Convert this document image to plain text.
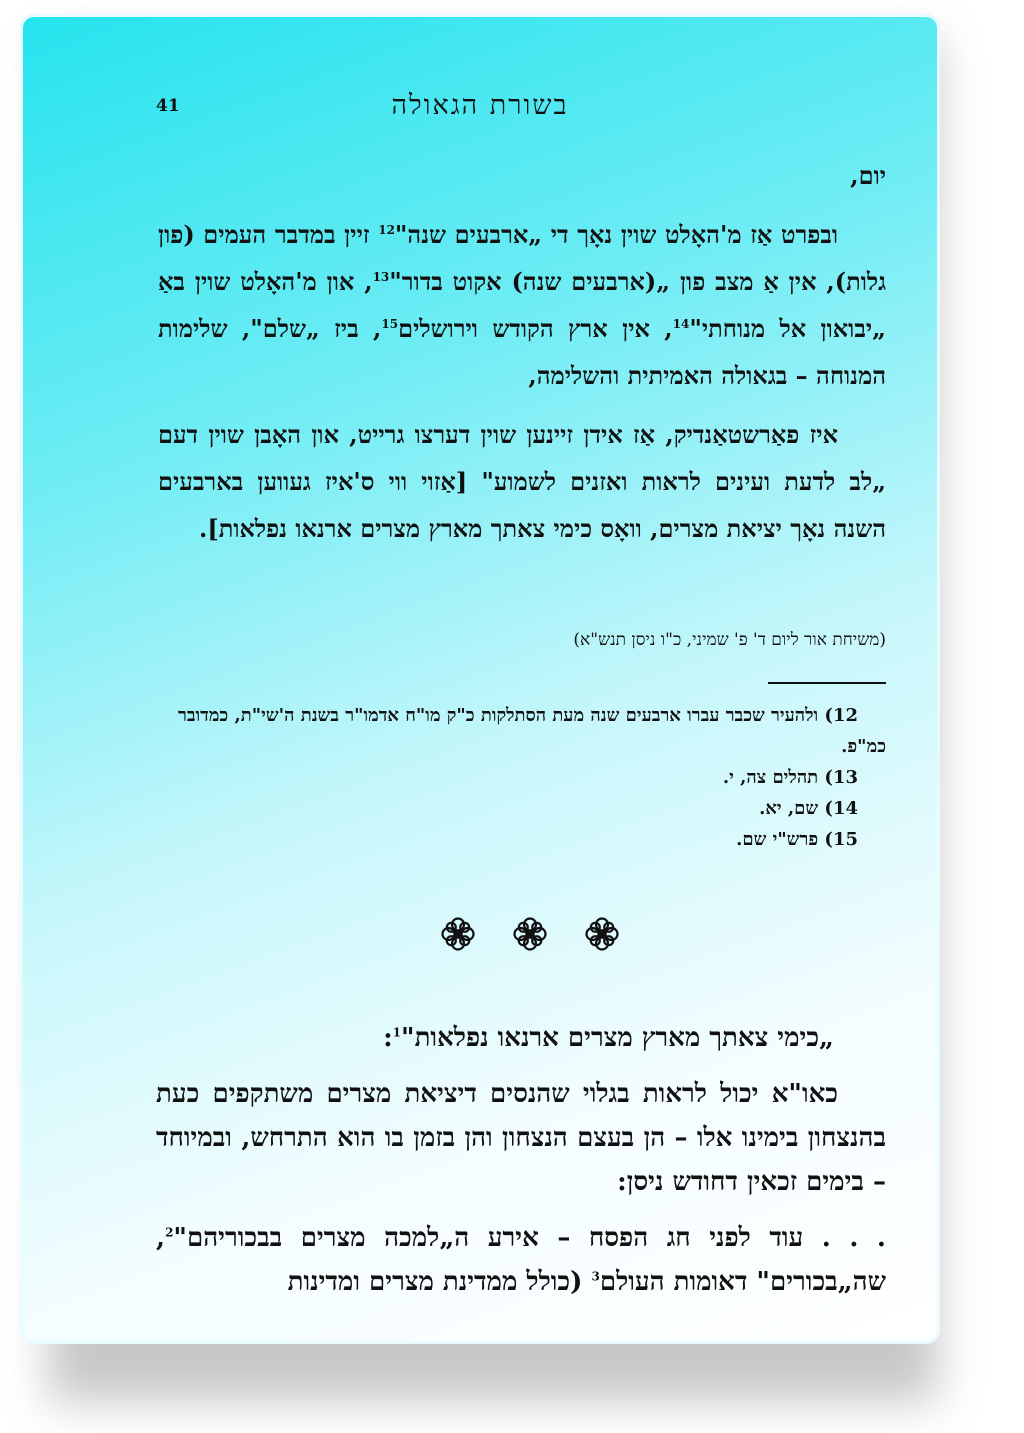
בשורת הגאולה
41

יום,

ובפרט אַז מ'האָלט שוין נאָך די „ארבעים שנה"$^{12}$ זיין במדבר העמים (פון גלות), אין אַ מצב פון „(ארבעים שנה) אקוט בדור"$^{13}$, און מ'האָלט שוין באַ „יבואון אל מנוחתי"$^{14}$, אין ארץ הקודש וירושלים$^{15}$, ביז „שלם", שלימות המנוחה – בגאולה האמיתית והשלימה,

איז פאַרשטאַנדיק, אַז אידן זיינען שוין דערצו גרייט, און האָבן שוין דעם „לב לדעת ועינים לראות ואזנים לשמוע" [אַזוי ווי ס'איז געווען בארבעים השנה נאָך יציאת מצרים, וואָס כימי צאתך מארץ מצרים ארנאו נפלאות].

(משיחת אור ליום ד' פ' שמיני, כ"ו ניסן תנש"א)

12) ולהעיר שכבר עברו ארבעים שנה מעת הסתלקות כ"ק מו"ח אדמו"ר בשנת ה'שי"ת, כמדובר כמ"פ.

13) תהלים צה, י.

14) שם, יא.

15) פרש"י שם.

„כימי צאתך מארץ מצרים ארנאו נפלאות"$^1$:

כאו"א יכול לראות בגלוי שהנסים דיציאת מצרים משתקפים כעת בהנצחון בימינו אלו – הן בעצם הנצחון והן בזמן בו הוא התרחש, ובמיוחד – בימים זכאין דחודש ניסן:

. . . עוד לפני חג הפסח – אירע ה„למכה מצרים בבכוריהם"$^2$, שה„בכורים" דאומות העולם$^3$ (כולל ממדינת מצרים ומדינות
